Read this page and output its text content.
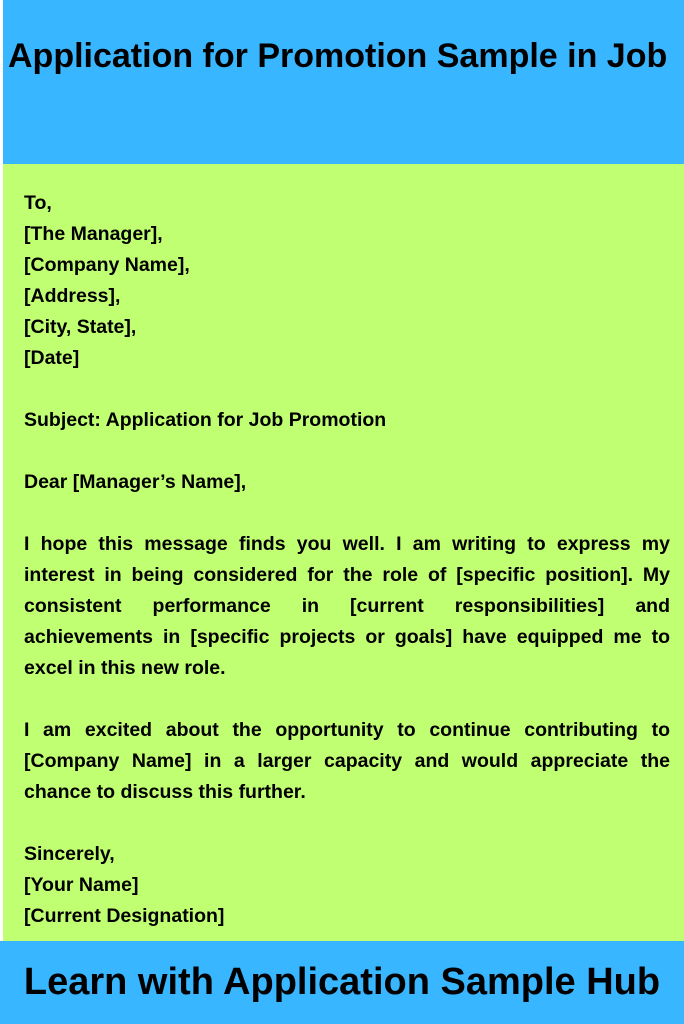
Application for Promotion Sample in Job
To,
[The Manager],
[Company Name],
[Address],
[City, State],
[Date]
Subject: Application for Job Promotion
Dear [Manager’s Name],

I hope this message finds you well. I am writing to express my interest in being considered for the role of [specific position]. My consistent performance in [current responsibilities] and achievements in [specific projects or goals] have equipped me to excel in this new role.

I am excited about the opportunity to continue contributing to [Company Name] in a larger capacity and would appreciate the chance to discuss this further.

Sincerely,
[Your Name]
[Current Designation]
Learn with Application Sample Hub
